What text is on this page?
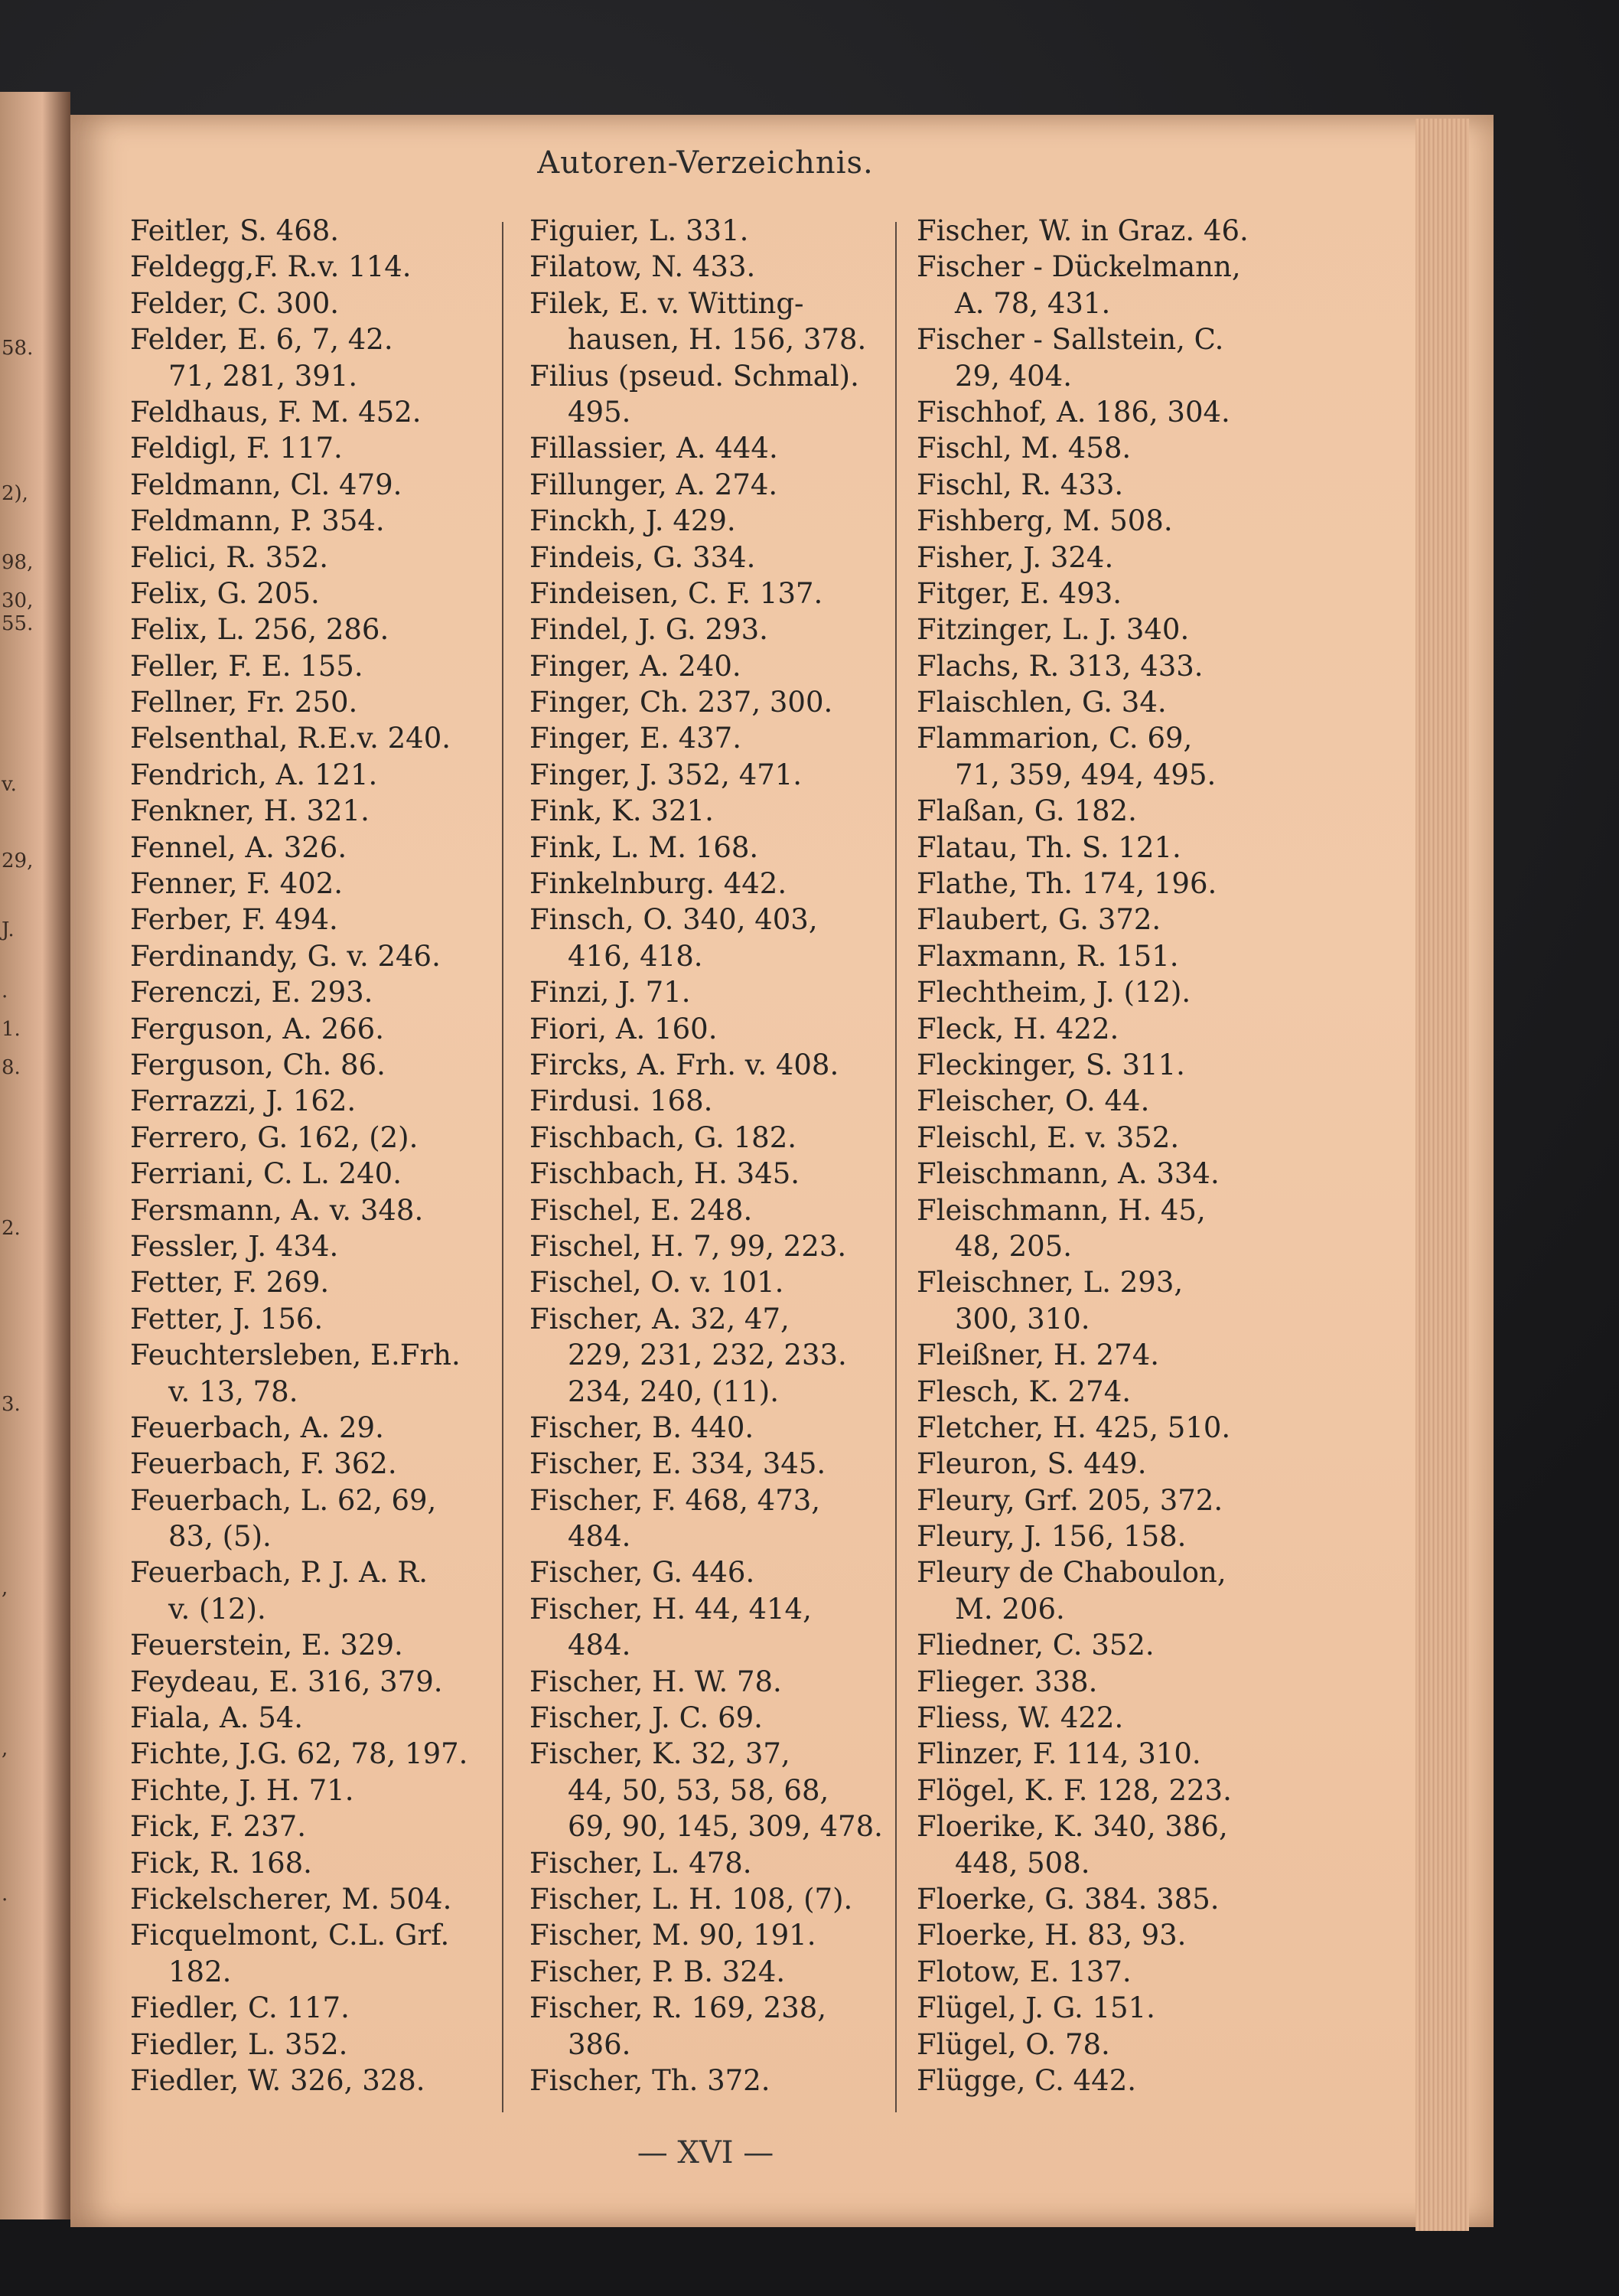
58.
2),
98,
30,
55.
v.
29,
J.
.
1.
8.
2.
3.
,
,
.
Autoren-Verzeichnis.
Feitler, S. 468.
Feldegg,F. R.v. 114.
Felder, C. 300.
Felder, E. 6, 7, 42.
71, 281, 391.
Feldhaus, F. M. 452.
Feldigl, F. 117.
Feldmann, Cl. 479.
Feldmann, P. 354.
Felici, R. 352.
Felix, G. 205.
Felix, L. 256, 286.
Feller, F. E. 155.
Fellner, Fr. 250.
Felsenthal, R.E.v. 240.
Fendrich, A. 121.
Fenkner, H. 321.
Fennel, A. 326.
Fenner, F. 402.
Ferber, F. 494.
Ferdinandy, G. v. 246.
Ferenczi, E. 293.
Ferguson, A. 266.
Ferguson, Ch. 86.
Ferrazzi, J. 162.
Ferrero, G. 162, (2).
Ferriani, C. L. 240.
Fersmann, A. v. 348.
Fessler, J. 434.
Fetter, F. 269.
Fetter, J. 156.
Feuchtersleben, E.Frh.
v. 13, 78.
Feuerbach, A. 29.
Feuerbach, F. 362.
Feuerbach, L. 62, 69,
83, (5).
Feuerbach, P. J. A. R.
v. (12).
Feuerstein, E. 329.
Feydeau, E. 316, 379.
Fiala, A. 54.
Fichte, J.G. 62, 78, 197.
Fichte, J. H. 71.
Fick, F. 237.
Fick, R. 168.
Fickelscherer, M. 504.
Ficquelmont, C.L. Grf.
182.
Fiedler, C. 117.
Fiedler, L. 352.
Fiedler, W. 326, 328.
Figuier, L. 331.
Filatow, N. 433.
Filek, E. v. Witting-
hausen, H. 156, 378.
Filius (pseud. Schmal).
495.
Fillassier, A. 444.
Fillunger, A. 274.
Finckh, J. 429.
Findeis, G. 334.
Findeisen, C. F. 137.
Findel, J. G. 293.
Finger, A. 240.
Finger, Ch. 237, 300.
Finger, E. 437.
Finger, J. 352, 471.
Fink, K. 321.
Fink, L. M. 168.
Finkelnburg. 442.
Finsch, O. 340, 403,
416, 418.
Finzi, J. 71.
Fiori, A. 160.
Fircks, A. Frh. v. 408.
Firdusi. 168.
Fischbach, G. 182.
Fischbach, H. 345.
Fischel, E. 248.
Fischel, H. 7, 99, 223.
Fischel, O. v. 101.
Fischer, A. 32, 47,
229, 231, 232, 233.
234, 240, (11).
Fischer, B. 440.
Fischer, E. 334, 345.
Fischer, F. 468, 473,
484.
Fischer, G. 446.
Fischer, H. 44, 414,
484.
Fischer, H. W. 78.
Fischer, J. C. 69.
Fischer, K. 32, 37,
44, 50, 53, 58, 68,
69, 90, 145, 309, 478.
Fischer, L. 478.
Fischer, L. H. 108, (7).
Fischer, M. 90, 191.
Fischer, P. B. 324.
Fischer, R. 169, 238,
386.
Fischer, Th. 372.
Fischer, W. in Graz. 46.
Fischer - Dückelmann,
A. 78, 431.
Fischer - Sallstein, C.
29, 404.
Fischhof, A. 186, 304.
Fischl, M. 458.
Fischl, R. 433.
Fishberg, M. 508.
Fisher, J. 324.
Fitger, E. 493.
Fitzinger, L. J. 340.
Flachs, R. 313, 433.
Flaischlen, G. 34.
Flammarion, C. 69,
71, 359, 494, 495.
Flaßan, G. 182.
Flatau, Th. S. 121.
Flathe, Th. 174, 196.
Flaubert, G. 372.
Flaxmann, R. 151.
Flechtheim, J. (12).
Fleck, H. 422.
Fleckinger, S. 311.
Fleischer, O. 44.
Fleischl, E. v. 352.
Fleischmann, A. 334.
Fleischmann, H. 45,
48, 205.
Fleischner, L. 293,
300, 310.
Fleißner, H. 274.
Flesch, K. 274.
Fletcher, H. 425, 510.
Fleuron, S. 449.
Fleury, Grf. 205, 372.
Fleury, J. 156, 158.
Fleury de Chaboulon,
M. 206.
Fliedner, C. 352.
Flieger. 338.
Fliess, W. 422.
Flinzer, F. 114, 310.
Flögel, K. F. 128, 223.
Floerike, K. 340, 386,
448, 508.
Floerke, G. 384. 385.
Floerke, H. 83, 93.
Flotow, E. 137.
Flügel, J. G. 151.
Flügel, O. 78.
Flügge, C. 442.
— XVI —
